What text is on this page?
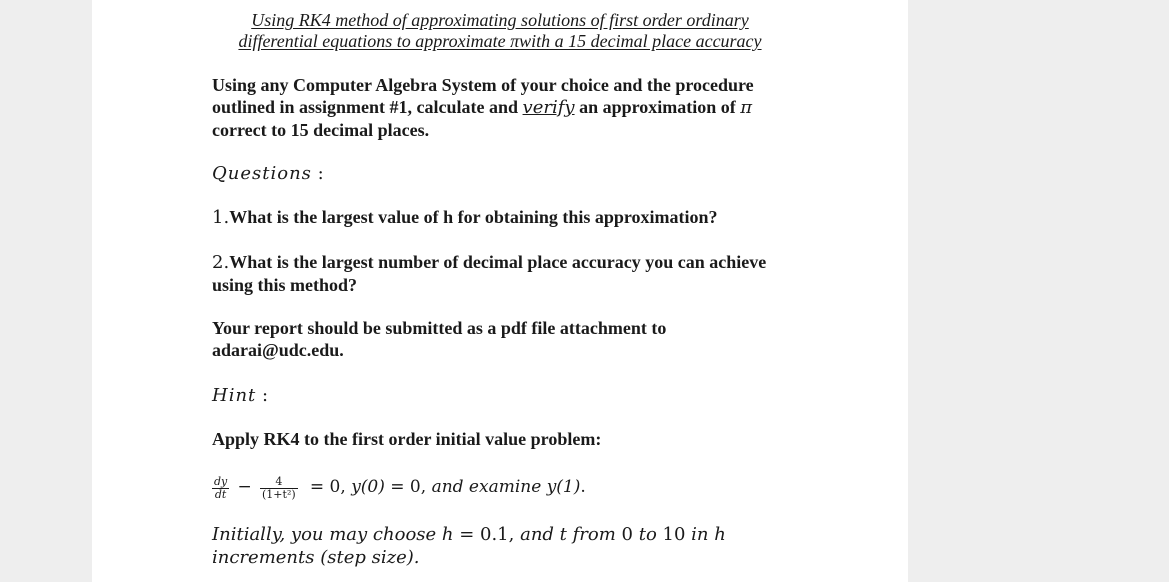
Using RK4 method of approximating solutions of first order ordinary
differential equations to approximate πwith a 15 decimal place accuracy
Using any Computer Algebra System of your choice and the procedure
outlined in assignment #1, calculate and verify an approximation of π
correct to 15 decimal places.
Questions :
1.What is the largest value of h for obtaining this approximation?
2.What is the largest number of decimal place accuracy you can achieve
using this method?
Your report should be submitted as a pdf file attachment to
adarai@udc.edu.
Hint :
Apply RK4 to the first order initial value problem:
$\frac{dy}{dt} - \frac{4}{\text{(1+t²)}} = 0$, y(0) = 0, and examine y(1).
Initially, you may choose h = 0.1, and t from 0 to 10 in h
increments (step size).
